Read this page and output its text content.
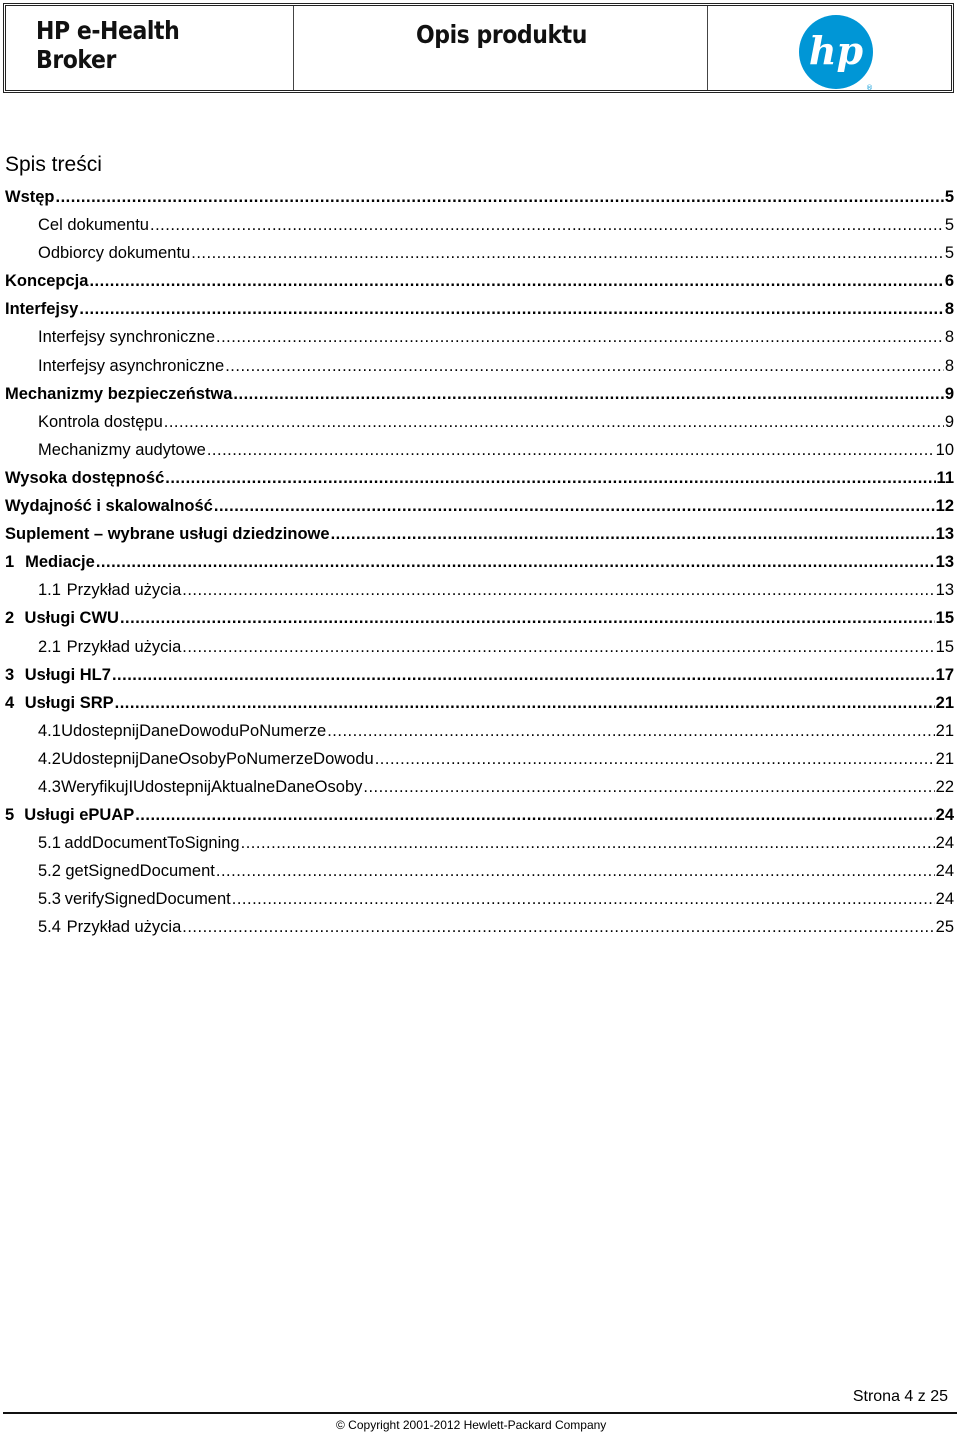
HP e-Health Broker
Opis produktu	hp
®
Spis treści
Wstęp .....	5
Cel dokumentu .....	5
Odbiorcy dokumentu .....	5
Koncepcja .....	6
Interfejsy .....	8
Interfejsy synchroniczne .....	8
Interfejsy asynchroniczne .....	8
Mechanizmy bezpieczeństwa .....	9
Kontrola dostępu .....	9
Mechanizmy audytowe .....	10
Wysoka dostępność .....	11
Wydajność i skalowalność .....	12
Suplement – wybrane usługi dziedzinowe .....	13
1 Mediacje .....	13
1.1 Przykład użycia .....	13
2 Usługi CWU .....	15
2.1 Przykład użycia .....	15
3 Usługi HL7 .....	17
4 Usługi SRP .....	21
4.1 UdostepnijDaneDowoduPoNumerze .....	21
4.2 UdostepnijDaneOsobyPoNumerzeDowodu .....	21
4.3 WeryfikujIUdostepnijAktualneDaneOsoby .....	22
5 Usługi ePUAP .....	24
5.1 addDocumentToSigning .....	24
5.2 getSignedDocument .....	24
5.3 verifySignedDocument .....	24
5.4 Przykład użycia .....	25
Strona 4 z 25
© Copyright 2001-2012 Hewlett-Packard Company
